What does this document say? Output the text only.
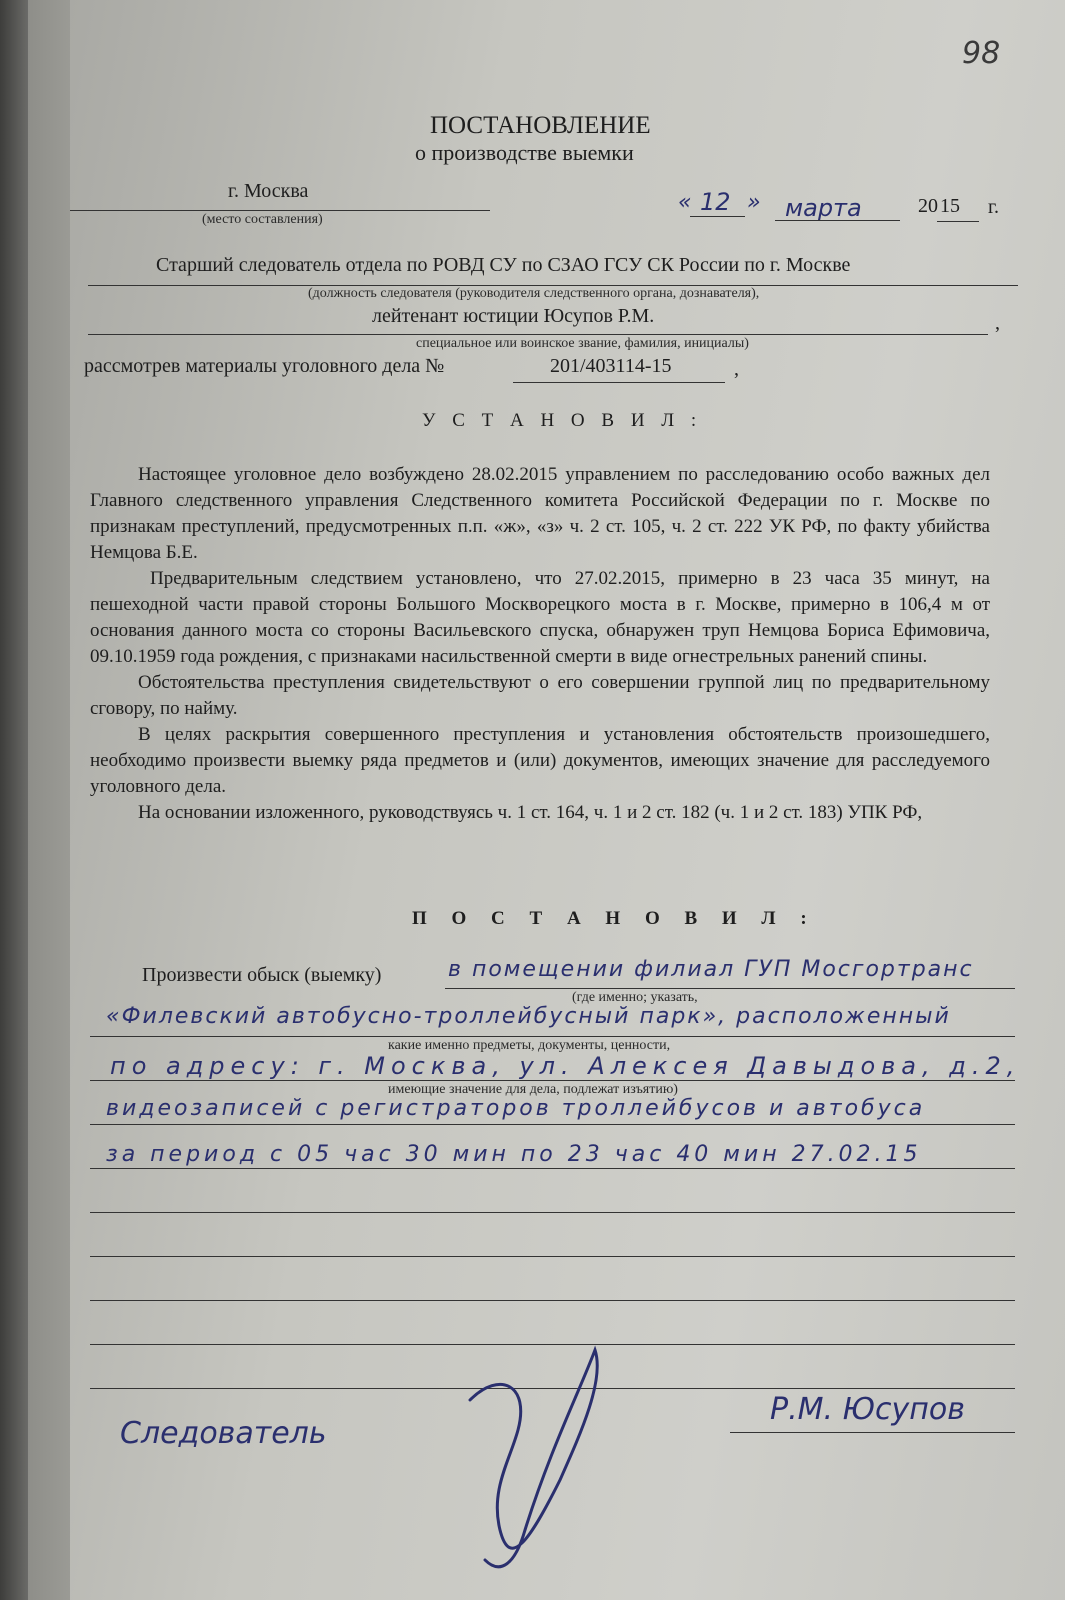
98
ПОСТАНОВЛЕНИЕ
о производстве выемки
г. Москва
(место составления)
« 12 » марта	20 15 г.
Старший следователь отдела по РОВД СУ по СЗАО ГСУ СК России по г. Москве
(должность следователя (руководителя следственного органа, дознавателя),
лейтенант юстиции Юсупов Р.М.	,
специальное или воинское звание, фамилия, инициалы)
рассмотрев материалы уголовного дела №	201/403114-15	,
У С Т А Н О В И Л :

Настоящее уголовное дело возбуждено 28.02.2015 управлением по расследованию особо важных дел Главного следственного управления Следственного комитета Российской Федерации по г. Москве по признакам преступлений, предусмотренных п.п. «ж», «з» ч. 2 ст. 105, ч. 2 ст. 222 УК РФ, по факту убийства Немцова Б.Е.

Предварительным следствием установлено, что 27.02.2015, примерно в 23 часа 35 минут, на пешеходной части правой стороны Большого Москворецкого моста в г. Москве, примерно в 106,4 м от основания данного моста со стороны Васильевского спуска, обнаружен труп Немцова Бориса Ефимовича, 09.10.1959 года рождения, с признаками насильственной смерти в виде огнестрельных ранений спины.

Обстоятельства преступления свидетельствуют о его совершении группой лиц по предварительному сговору, по найму.

В целях раскрытия совершенного преступления и установления обстоятельств произошедшего, необходимо произвести выемку ряда предметов и (или) документов, имеющих значение для расследуемого уголовного дела.

На основании изложенного, руководствуясь ч. 1 ст. 164, ч. 1 и 2 ст. 182 (ч. 1 и 2 ст. 183) УПК РФ,

П О С Т А Н О В И Л :
Произвести обыск (выемку)
(где именно; указать,
какие именно предметы, документы, ценности,
имеющие значение для дела, подлежат изъятию)
в помещении филиал ГУП Мосгортранс
«Филевский автобусно-троллейбусный парк», расположенный
по адресу: г. Москва, ул. Алексея Давыдова, д.2,
видеозаписей с регистраторов троллейбусов и автобуса
за период с 05 час 30 мин по 23 час 40 мин 27.02.15
Следователь
Р.М. Юсупов
